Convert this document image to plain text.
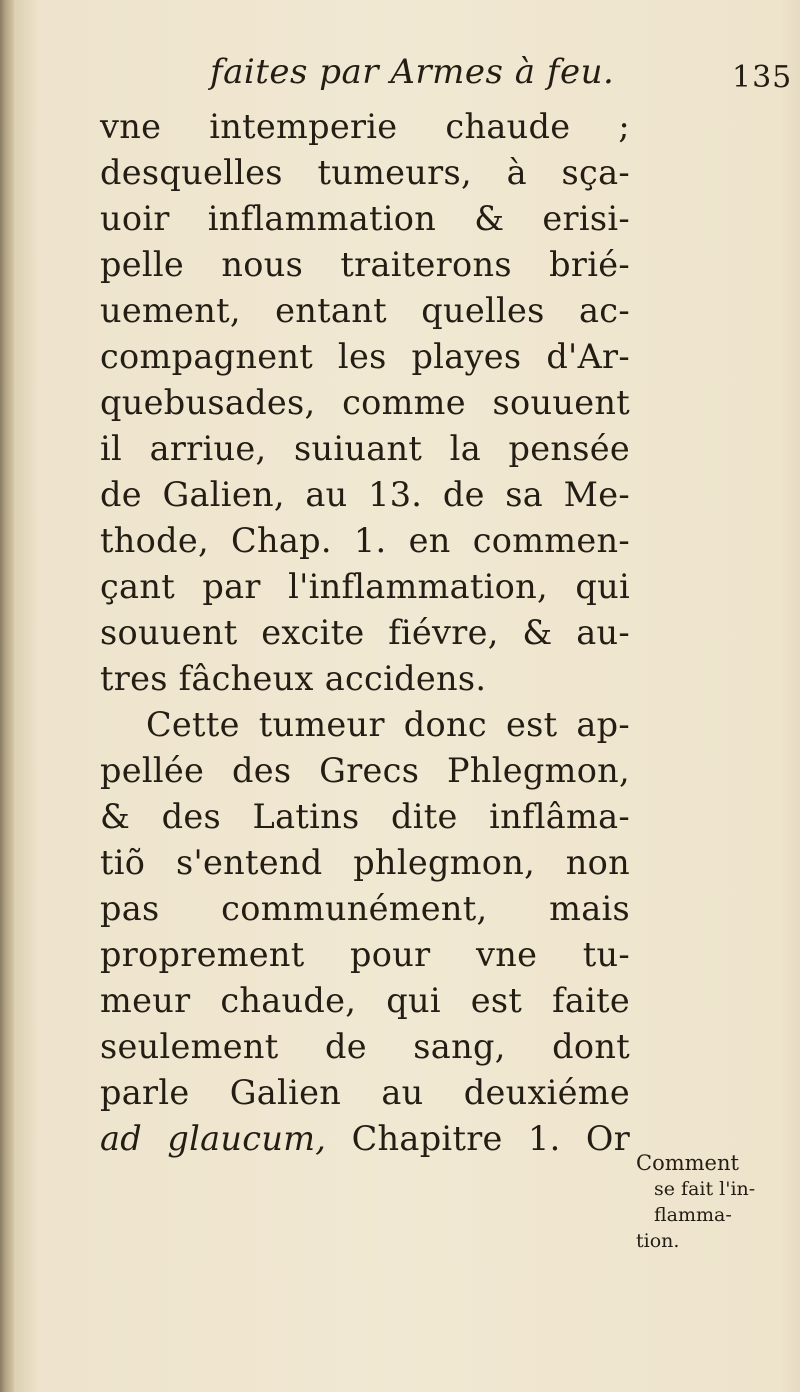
faites par Armes à feu.	135
vne intemperie chaude ;
desquelles tumeurs, à sça-
uoir inflammation & erisi-
pelle nous traiterons brié-
uement, entant quelles ac-
compagnent les playes d'Ar-
quebusades, comme souuent
il arriue, suiuant la pensée
de Galien, au 13. de sa Me-
thode, Chap. 1. en commen-
çant par l'inflammation, qui
souuent excite fiévre, & au-
tres fâcheux accidens.
Cette tumeur donc est ap-
pellée des Grecs Phlegmon,
& des Latins dite inflâma-
tiõ s'entend phlegmon, non
pas communément, mais
proprement pour vne tu-
meur chaude, qui est faite
seulement de sang, dont
parle Galien au deuxiéme
ad glaucum, Chapitre 1. Or
Comment
se fait l'in-
flamma-
tion.
